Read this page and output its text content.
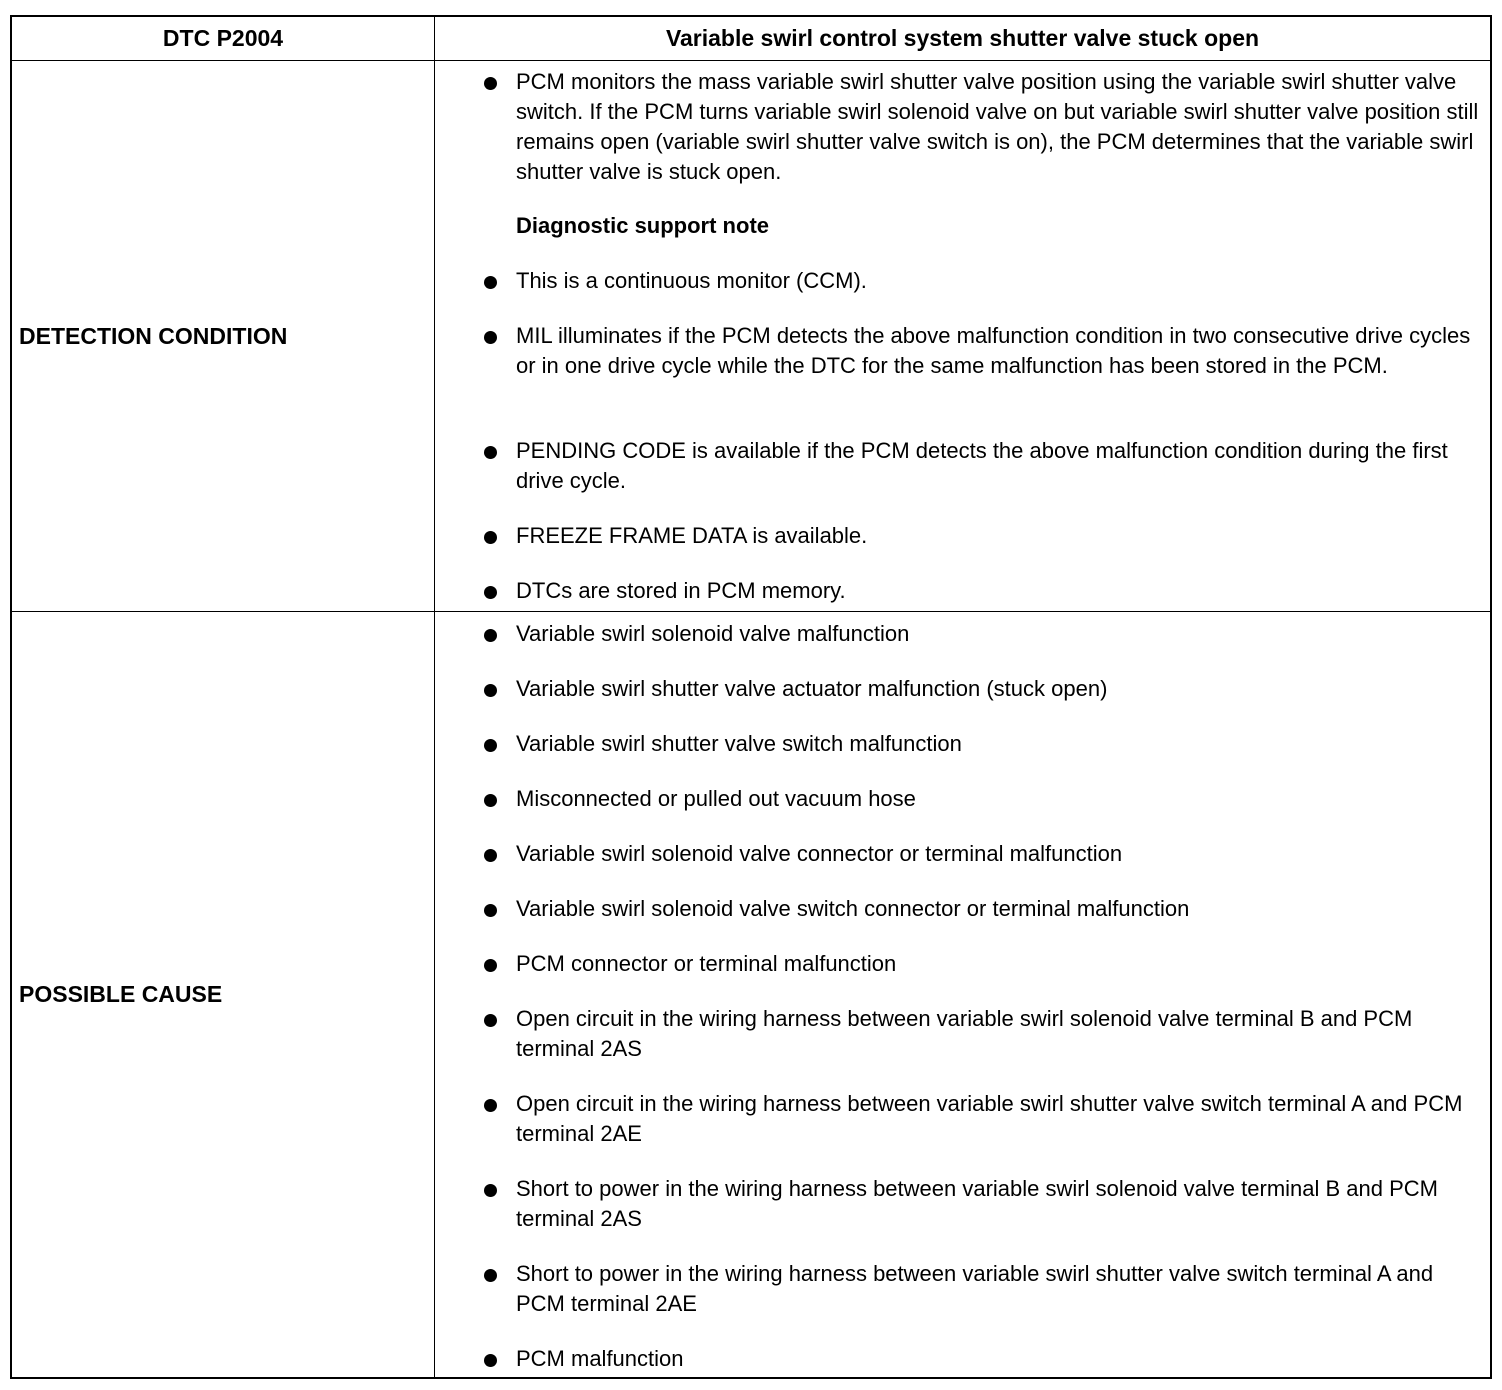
DTC P2004	Variable swirl control system shutter valve stuck open
DETECTION CONDITION
PCM monitors the mass variable swirl shutter valve position using the variable swirl shutter valve switch. If the PCM turns variable swirl solenoid valve on but variable swirl shutter valve position still remains open (variable swirl shutter valve switch is on), the PCM determines that the variable swirl shutter valve is stuck open.
Diagnostic support note
This is a continuous monitor (CCM).
MIL illuminates if the PCM detects the above malfunction condition in two consecutive drive cycles or in one drive cycle while the DTC for the same malfunction has been stored in the PCM.
PENDING CODE is available if the PCM detects the above malfunction condition during the first drive cycle.
FREEZE FRAME DATA is available.
DTCs are stored in PCM memory.
POSSIBLE CAUSE
Variable swirl solenoid valve malfunction
Variable swirl shutter valve actuator malfunction (stuck open)
Variable swirl shutter valve switch malfunction
Misconnected or pulled out vacuum hose
Variable swirl solenoid valve connector or terminal malfunction
Variable swirl solenoid valve switch connector or terminal malfunction
PCM connector or terminal malfunction
Open circuit in the wiring harness between variable swirl solenoid valve terminal B and PCM terminal 2AS
Open circuit in the wiring harness between variable swirl shutter valve switch terminal A and PCM terminal 2AE
Short to power in the wiring harness between variable swirl solenoid valve terminal B and PCM terminal 2AS
Short to power in the wiring harness between variable swirl shutter valve switch terminal A and PCM terminal 2AE
PCM malfunction
